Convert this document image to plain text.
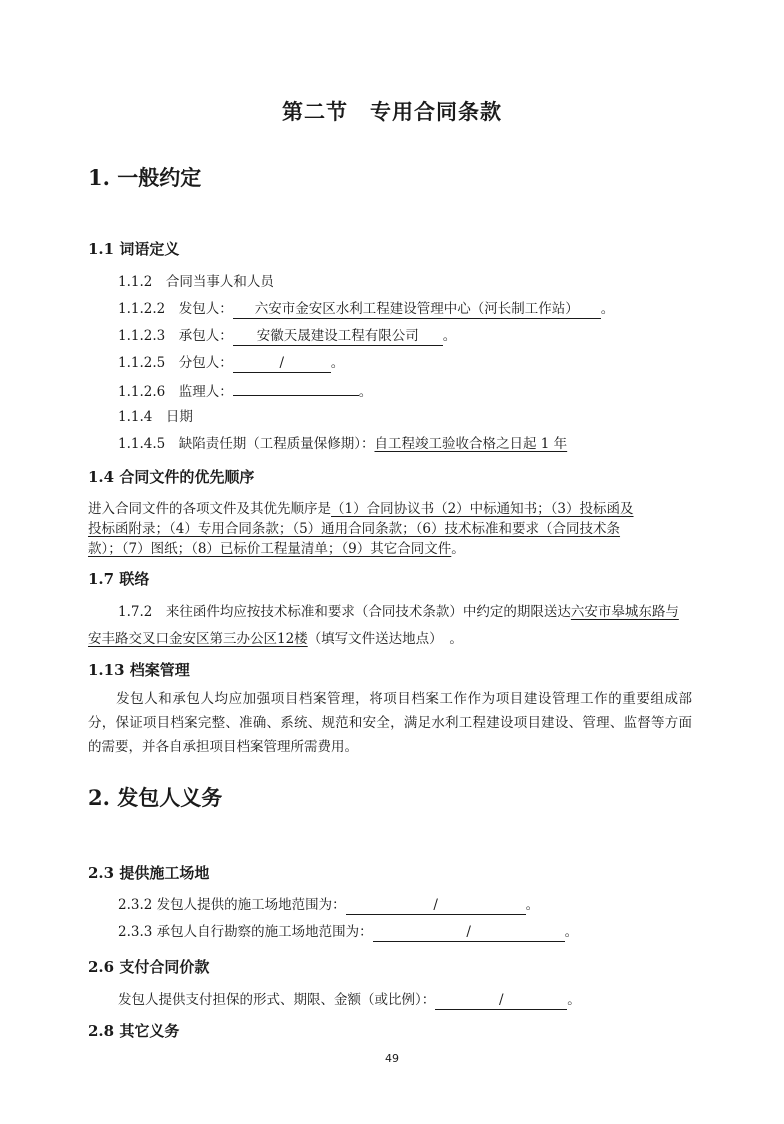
第二节　专用合同条款
1. 一般约定
1.1 词语定义
1.1.2　合同当事人和人员
1.1.2.2　发包人： 六安市金安区水利工程建设管理中心（河长制工作站） 。
1.1.2.3　承包人： 安徽天晟建设工程有限公司 。
1.1.2.5　分包人：	/	。
1.1.2.6　监理人：	。
1.1.4　日期
1.1.4.5　缺陷责任期（工程质量保修期）：自工程竣工验收合格之日起 1 年
1.4 合同文件的优先顺序
进入合同文件的各项文件及其优先顺序是（1）合同协议书（2）中标通知书；（3）投标函及
投标函附录；（4）专用合同条款；（5）通用合同条款；（6）技术标准和要求（合同技术条
款）；（7）图纸；（8）已标价工程量清单；（9）其它合同文件。
1.7 联络
1.7.2　来往函件均应按技术标准和要求（合同技术条款）中约定的期限送达六安市皋城东路与
安丰路交叉口金安区第三办公区12楼（填写文件送达地点）　。
1.13 档案管理
　　发包人和承包人均应加强项目档案管理，将项目档案工作作为项目建设管理工作的重要组成部分，保证项目档案完整、准确、系统、规范和安全，满足水利工程建设项目建设、管理、监督等方面的需要，并各自承担项目档案管理所需费用。
2. 发包人义务
2.3 提供施工场地
2.3.2 发包人提供的施工场地范围为：	/	。
2.3.3 承包人自行勘察的施工场地范围为：	/	。
2.6 支付合同价款
发包人提供支付担保的形式、期限、金额（或比例）：	/	。
2.8 其它义务
49
